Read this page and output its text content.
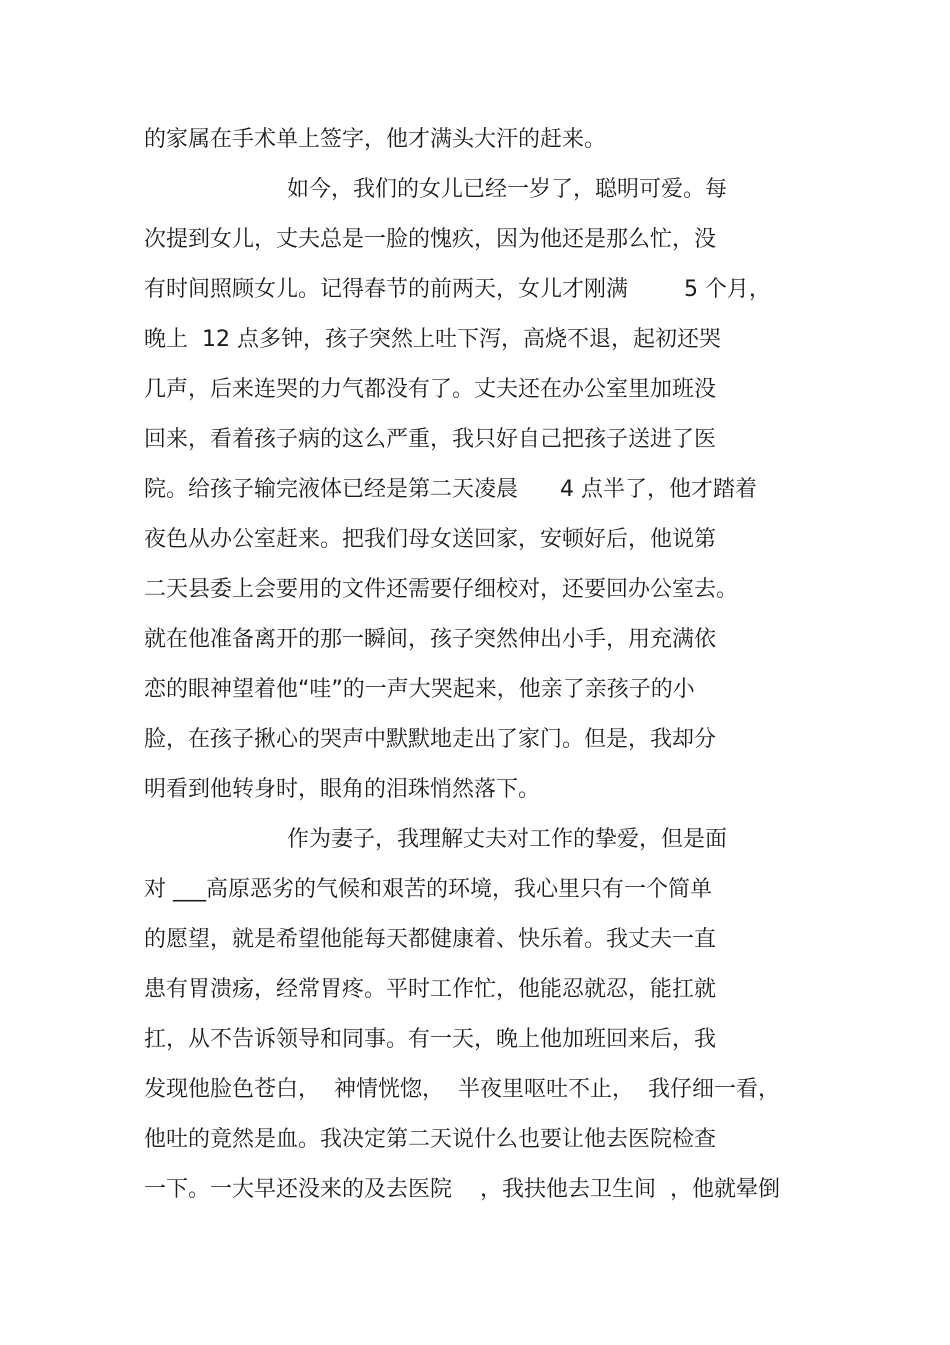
的家属在手术单上签字，他才满头大汗的赶来。
如今，我们的女儿已经一岁了，聪明可爱。每
次提到女儿，丈夫总是一脸的愧疚，因为他还是那么忙，没
有时间照顾女儿。记得春节的前两天，女儿才刚满        5 个月，
晚上  12 点多钟，孩子突然上吐下泻，高烧不退，起初还哭
几声，后来连哭的力气都没有了。丈夫还在办公室里加班没
回来，看着孩子病的这么严重，我只好自己把孩子送进了医
院。给孩子输完液体已经是第二天凌晨      4 点半了，他才踏着
夜色从办公室赶来。把我们母女送回家，安顿好后，他说第
二天县委上会要用的文件还需要仔细校对，还要回办公室去。
就在他准备离开的那一瞬间，孩子突然伸出小手，用充满依
恋的眼神望着他“哇”的一声大哭起来，他亲了亲孩子的小
脸，在孩子揪心的哭声中默默地走出了家门。但是，我却分
明看到他转身时，眼角的泪珠悄然落下。
作为妻子，我理解丈夫对工作的挚爱，但是面
对 ___高原恶劣的气候和艰苦的环境，我心里只有一个简单
的愿望，就是希望他能每天都健康着、快乐着。我丈夫一直
患有胃溃疡，经常胃疼。平时工作忙，他能忍就忍，能扛就
扛，从不告诉领导和同事。有一天，晚上他加班回来后，我
发现他脸色苍白，  神情恍惚，  半夜里呕吐不止，  我仔细一看，
他吐的竟然是血。我决定第二天说什么也要让他去医院检查
一下。一大早还没来的及去医院    ，我扶他去卫生间  ，他就晕倒
